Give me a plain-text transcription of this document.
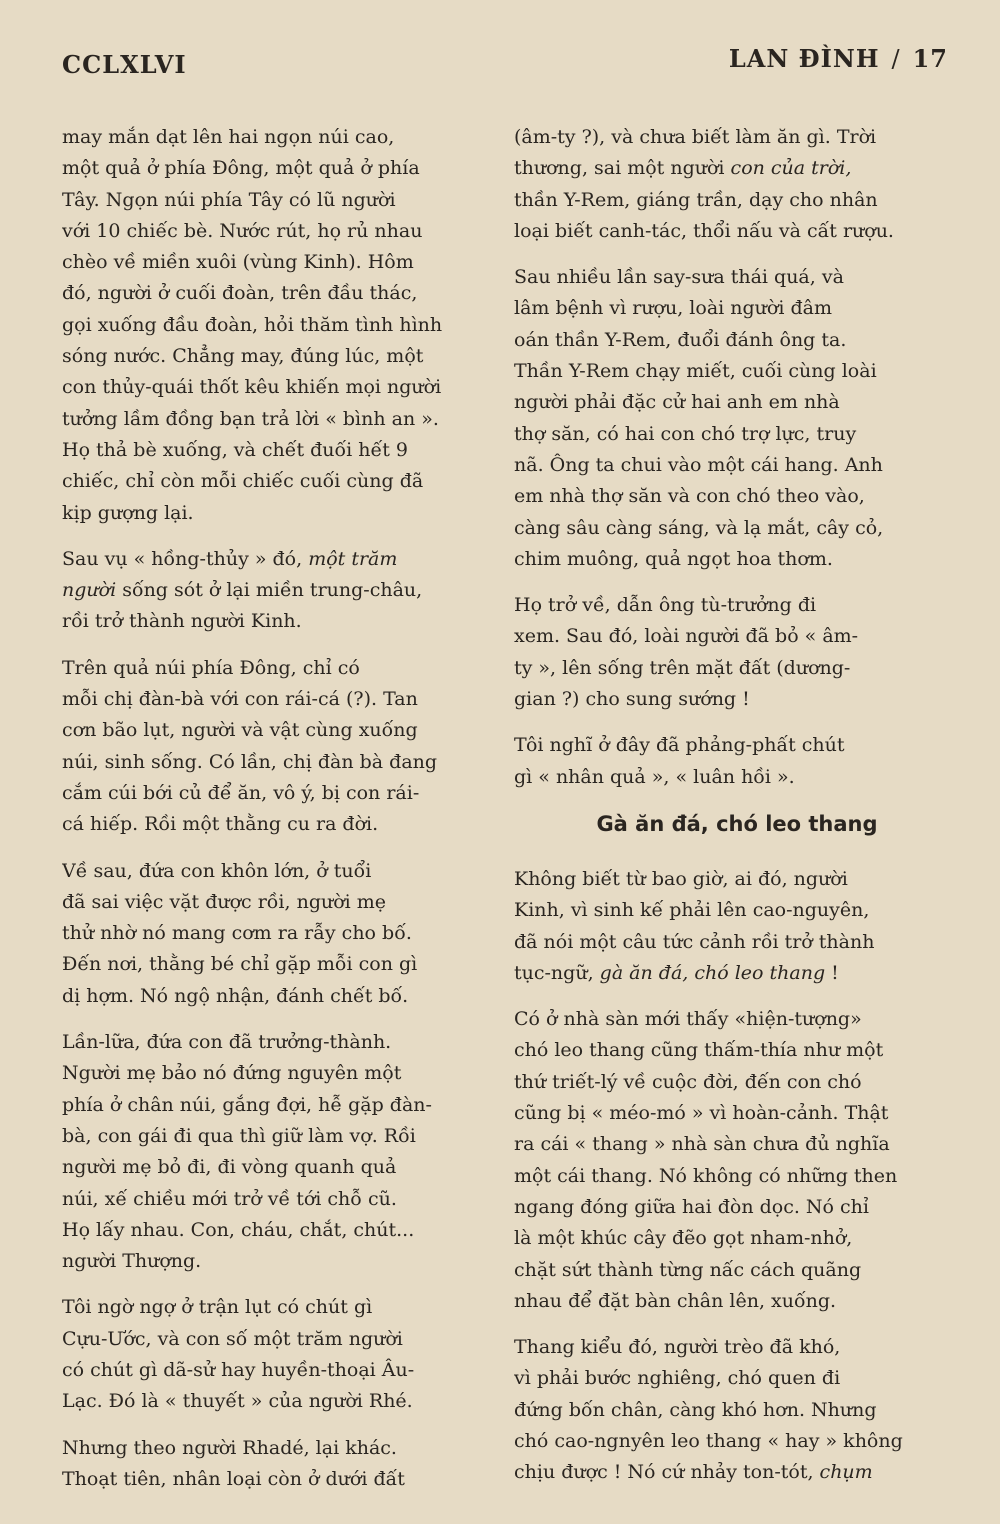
CCLXLVI	LAN ĐÌNH / 17
may mắn dạt lên hai ngọn núi cao,
một quả ở phía Đông, một quả ở phía
Tây. Ngọn núi phía Tây có lũ người
với 10 chiếc bè. Nước rút, họ rủ nhau
chèo về miền xuôi (vùng Kinh). Hôm
đó, người ở cuối đoàn, trên đầu thác,
gọi xuống đầu đoàn, hỏi thăm tình hình
sóng nước. Chẳng may, đúng lúc, một
con thủy-quái thốt kêu khiến mọi người
tưởng lầm đồng bạn trả lời « bình an ».
Họ thả bè xuống, và chết đuối hết 9
chiếc, chỉ còn mỗi chiếc cuối cùng đã
kịp gượng lại.
Sau vụ « hồng-thủy » đó, một trăm
người sống sót ở lại miền trung-châu,
rồi trở thành người Kinh.
Trên quả núi phía Đông, chỉ có
mỗi chị đàn-bà với con rái-cá (?). Tan
cơn bão lụt, người và vật cùng xuống
núi, sinh sống. Có lần, chị đàn bà đang
cắm cúi bới củ để ăn, vô ý, bị con rái-
cá hiếp. Rồi một thằng cu ra đời.
Về sau, đứa con khôn lớn, ở tuổi
đã sai việc vặt được rồi, người mẹ
thử nhờ nó mang cơm ra rẫy cho bố.
Đến nơi, thằng bé chỉ gặp mỗi con gì
dị hợm. Nó ngộ nhận, đánh chết bố.
Lần-lữa, đứa con đã trưởng-thành.
Người mẹ bảo nó đứng nguyên một
phía ở chân núi, gắng đợi, hễ gặp đàn-
bà, con gái đi qua thì giữ làm vợ. Rồi
người mẹ bỏ đi, đi vòng quanh quả
núi, xế chiều mới trở về tới chỗ cũ.
Họ lấy nhau. Con, cháu, chắt, chút...
người Thượng.
Tôi ngờ ngợ ở trận lụt có chút gì
Cựu-Ước, và con số một trăm người
có chút gì dã-sử hay huyền-thoại Âu-
Lạc. Đó là « thuyết » của người Rhé.
Nhưng theo người Rhadé, lại khác.
Thoạt tiên, nhân loại còn ở dưới đất
(âm-ty ?), và chưa biết làm ăn gì. Trời
thương, sai một người con của trời,
thần Y-Rem, giáng trần, dạy cho nhân
loại biết canh-tác, thổi nấu và cất rượu.
Sau nhiều lần say-sưa thái quá, và
lâm bệnh vì rượu, loài người đâm
oán thần Y-Rem, đuổi đánh ông ta.
Thần Y-Rem chạy miết, cuối cùng loài
người phải đặc cử hai anh em nhà
thợ săn, có hai con chó trợ lực, truy
nã. Ông ta chui vào một cái hang. Anh
em nhà thợ săn và con chó theo vào,
càng sâu càng sáng, và lạ mắt, cây cỏ,
chim muông, quả ngọt hoa thơm.
Họ trở về, dẫn ông tù-trưởng đi
xem. Sau đó, loài người đã bỏ « âm-
ty », lên sống trên mặt đất (dương-
gian ?) cho sung sướng !
Tôi nghĩ ở đây đã phảng-phất chút
gì « nhân quả », « luân hồi ».
Gà ăn đá, chó leo thang
Không biết từ bao giờ, ai đó, người
Kinh, vì sinh kế phải lên cao-nguyên,
đã nói một câu tức cảnh rồi trở thành
tục-ngữ, gà ăn đá, chó leo thang !
Có ở nhà sàn mới thấy «hiện-tượng»
chó leo thang cũng thấm-thía như một
thứ triết-lý về cuộc đời, đến con chó
cũng bị « méo-mó » vì hoàn-cảnh. Thật
ra cái « thang » nhà sàn chưa đủ nghĩa
một cái thang. Nó không có những then
ngang đóng giữa hai đòn dọc. Nó chỉ
là một khúc cây đẽo gọt nham-nhở,
chặt sứt thành từng nấc cách quãng
nhau để đặt bàn chân lên, xuống.
Thang kiểu đó, người trèo đã khó,
vì phải bước nghiêng, chó quen đi
đứng bốn chân, càng khó hơn. Nhưng
chó cao-ngnyên leo thang « hay » không
chịu được ! Nó cứ nhảy ton-tót, chụm
